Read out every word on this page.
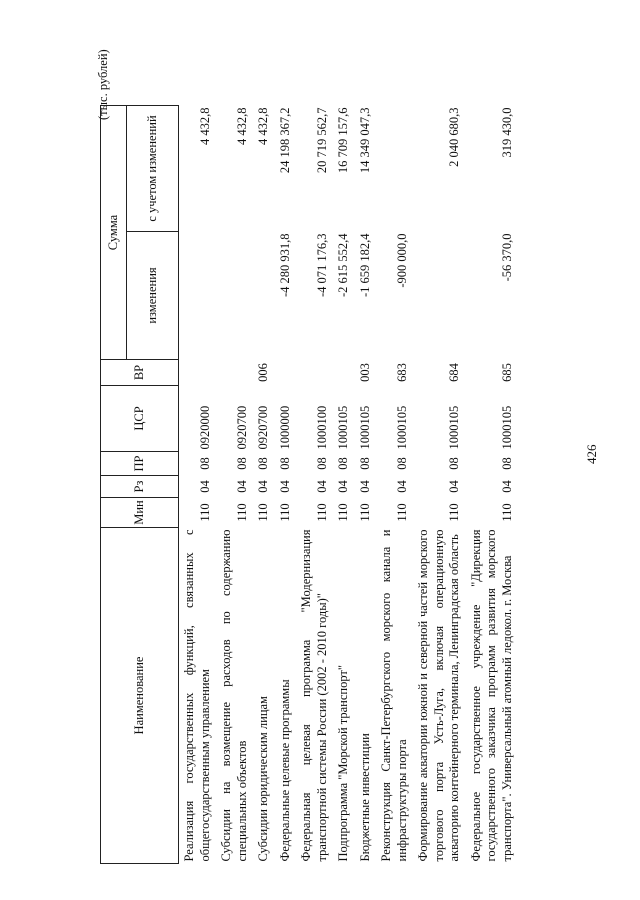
426
(тыс. рублей)
Наименование	Мин	Рз	ПР	ЦСР	ВР	Сумма	
						изменения	с учетом изменений
Реализация государственных функций, связанных с общегосударственным управлением	110	04	08	0920000			4 432,8
Субсидии на возмещение расходов по содержанию специальных объектов	110	04	08	0920700			4 432,8
Субсидии юридическим лицам	110	04	08	0920700	006		4 432,8
Федеральные целевые программы	110	04	08	1000000		-4 280 931,8	24 198 367,2
Федеральная целевая программа "Модернизация транспортной системы России (2002 - 2010 годы)"	110	04	08	1000100		-4 071 176,3	20 719 562,7
Подпрограмма "Морской транспорт"	110	04	08	1000105		-2 615 552,4	16 709 157,6
Бюджетные инвестиции	110	04	08	1000105	003	-1 659 182,4	14 349 047,3
Реконструкция Санкт-Петербургского морского канала и инфраструктуры порта	110	04	08	1000105	683	-900 000,0	
Формирование акватории южной и северной частей морского торгового порта Усть-Луга, включая операционную акваторию контейнерного терминала, Ленинградская область	110	04	08	1000105	684		2 040 680,3
Федеральное государственное учреждение "Дирекция государственного заказчика программ развития морского транспорта". Универсальный атомный ледокол. г. Москва	110	04	08	1000105	685	-56 370,0	319 430,0
